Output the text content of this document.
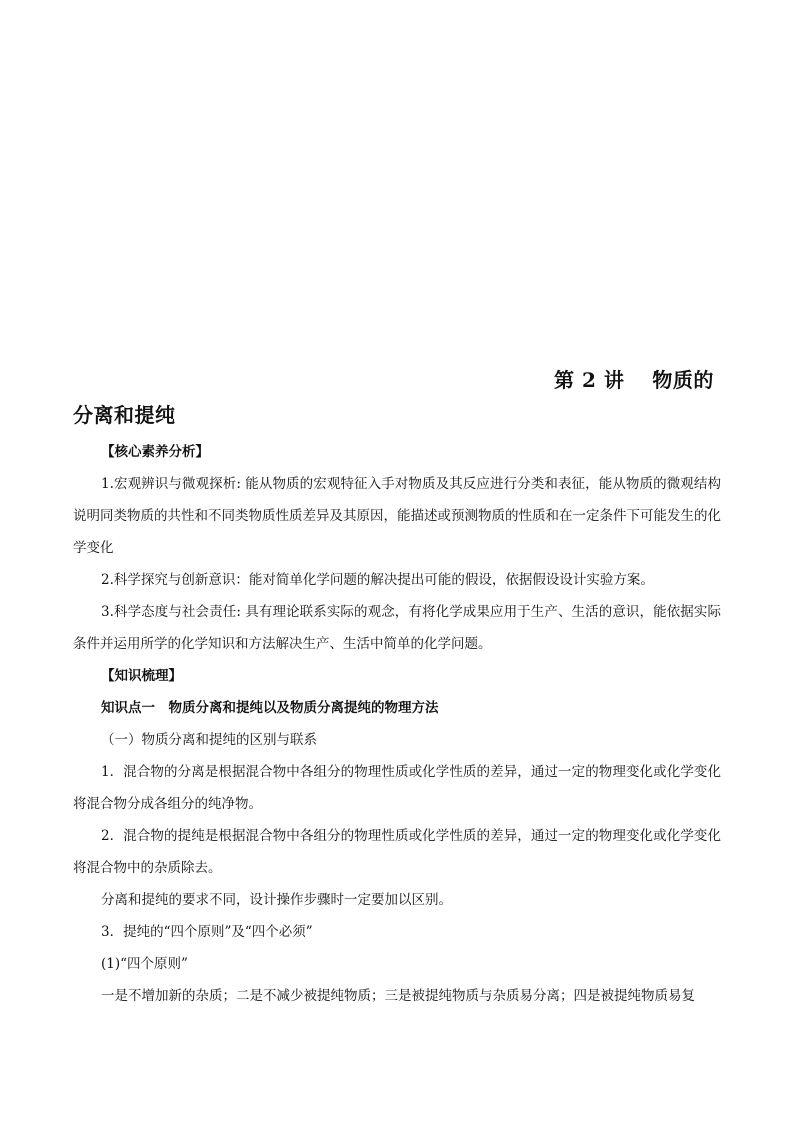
第 2 讲 物质的
分离和提纯

【核心素养分析】

1.宏观辨识与微观探析: 能从物质的宏观特征入手对物质及其反应进行分类和表征，能从物质的微观结构说明同类物质的共性和不同类物质性质差异及其原因，能描述或预测物质的性质和在一定条件下可能发生的化学变化

2.科学探究与创新意识：能对简单化学问题的解决提出可能的假设，依据假设设计实验方案。

3.科学态度与社会责任: 具有理论联系实际的观念，有将化学成果应用于生产、生活的意识，能依据实际条件并运用所学的化学知识和方法解决生产、生活中简单的化学问题。

【知识梳理】

知识点一　物质分离和提纯以及物质分离提纯的物理方法

（一）物质分离和提纯的区别与联系

1．混合物的分离是根据混合物中各组分的物理性质或化学性质的差异，通过一定的物理变化或化学变化将混合物分成各组分的纯净物。

2．混合物的提纯是根据混合物中各组分的物理性质或化学性质的差异，通过一定的物理变化或化学变化将混合物中的杂质除去。

分离和提纯的要求不同，设计操作步骤时一定要加以区别。

3．提纯的“四个原则”及“四个必须”

(1)“四个原则”

一是不增加新的杂质；二是不减少被提纯物质；三是被提纯物质与杂质易分离；四是被提纯物质易复
